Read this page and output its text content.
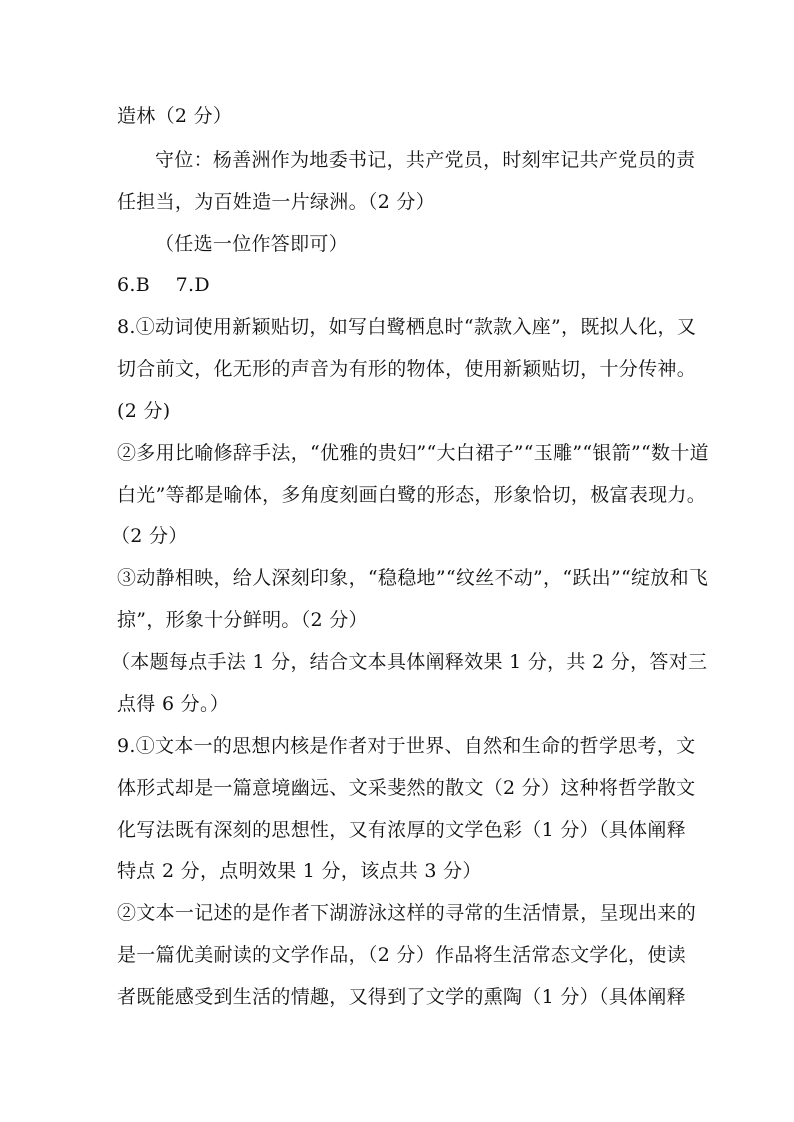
造林（2 分）
守位：杨善洲作为地委书记，共产党员，时刻牢记共产党员的责
任担当，为百姓造一片绿洲。（2 分）
（任选一位作答即可）
6.B　 7.D
8.①动词使用新颖贴切，如写白鹭栖息时“款款入座”，既拟人化，又
切合前文，化无形的声音为有形的物体，使用新颖贴切，十分传神。
(2 分)
②多用比喻修辞手法，“优雅的贵妇”“大白裙子”“玉雕”“银箭”“数十道
白光”等都是喻体，多角度刻画白鹭的形态，形象恰切，极富表现力。
（2 分）
③动静相映，给人深刻印象，“稳稳地”“纹丝不动”，“跃出”“绽放和飞
掠”，形象十分鲜明。（2 分）
（本题每点手法 1 分，结合文本具体阐释效果 1 分，共 2 分，答对三
点得 6 分。）
9.①文本一的思想内核是作者对于世界、自然和生命的哲学思考，文
体形式却是一篇意境幽远、文采斐然的散文（2 分）这种将哲学散文
化写法既有深刻的思想性，又有浓厚的文学色彩（1 分）（具体阐释
特点 2 分，点明效果 1 分，该点共 3 分）
②文本一记述的是作者下湖游泳这样的寻常的生活情景，呈现出来的
是一篇优美耐读的文学作品，（2 分）作品将生活常态文学化，使读
者既能感受到生活的情趣，又得到了文学的熏陶（1 分）（具体阐释
